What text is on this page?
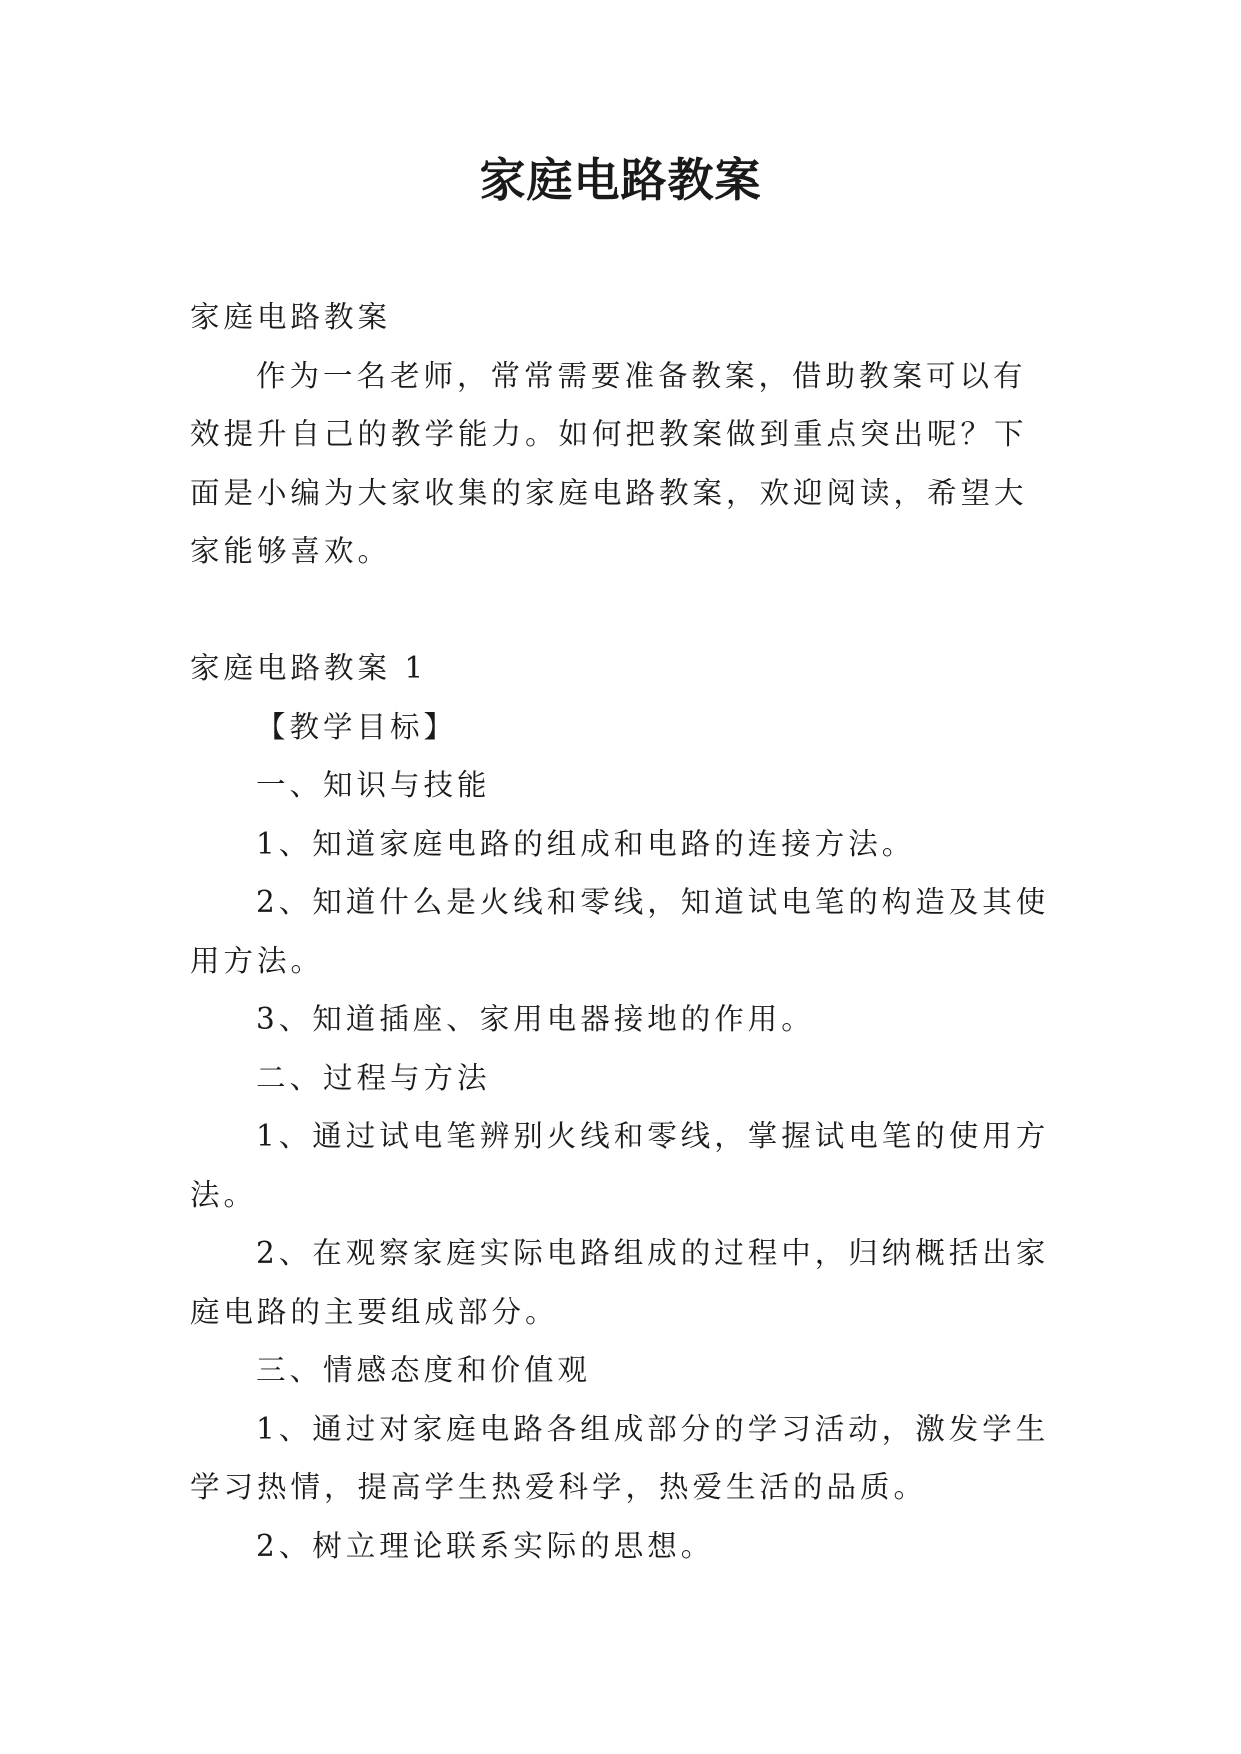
家庭电路教案

家庭电路教案

作为一名老师，常常需要准备教案，借助教案可以有效提升自己的教学能力。如何把教案做到重点突出呢？下面是小编为大家收集的家庭电路教案，欢迎阅读，希望大家能够喜欢。

家庭电路教案 1

【教学目标】

一、知识与技能

1、知道家庭电路的组成和电路的连接方法。

2、知道什么是火线和零线，知道试电笔的构造及其使用方法。

3、知道插座、家用电器接地的作用。

二、过程与方法

1、通过试电笔辨别火线和零线，掌握试电笔的使用方法。

2、在观察家庭实际电路组成的过程中，归纳概括出家庭电路的主要组成部分。

三、情感态度和价值观

1、通过对家庭电路各组成部分的学习活动，激发学生学习热情，提高学生热爱科学，热爱生活的品质。

2、树立理论联系实际的思想。
